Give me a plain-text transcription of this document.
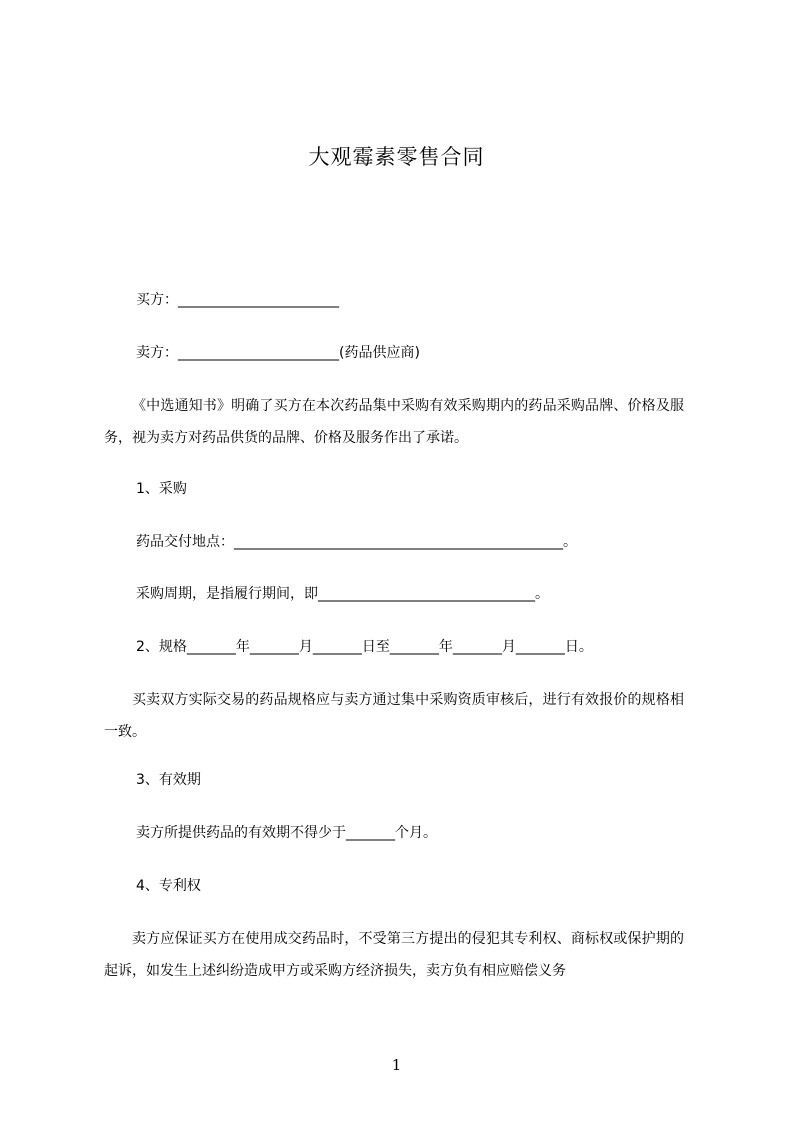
大观霉素零售合同
买方：_______________________
卖方：_______________________(药品供应商)
《中选通知书》明确了买方在本次药品集中采购有效采购期内的药品采购品牌、价格及服务，视为卖方对药品供货的品牌、价格及服务作出了承诺。
1、采购
药品交付地点：_______________________________________________。
采购周期，是指履行期间，即_______________________________。
2、规格_______年_______月_______日至_______年_______月_______日。
买卖双方实际交易的药品规格应与卖方通过集中采购资质审核后，进行有效报价的规格相一致。
3、有效期
卖方所提供药品的有效期不得少于_______个月。
4、专利权
卖方应保证买方在使用成交药品时，不受第三方提出的侵犯其专利权、商标权或保护期的起诉，如发生上述纠纷造成甲方或采购方经济损失，卖方负有相应赔偿义务
1
